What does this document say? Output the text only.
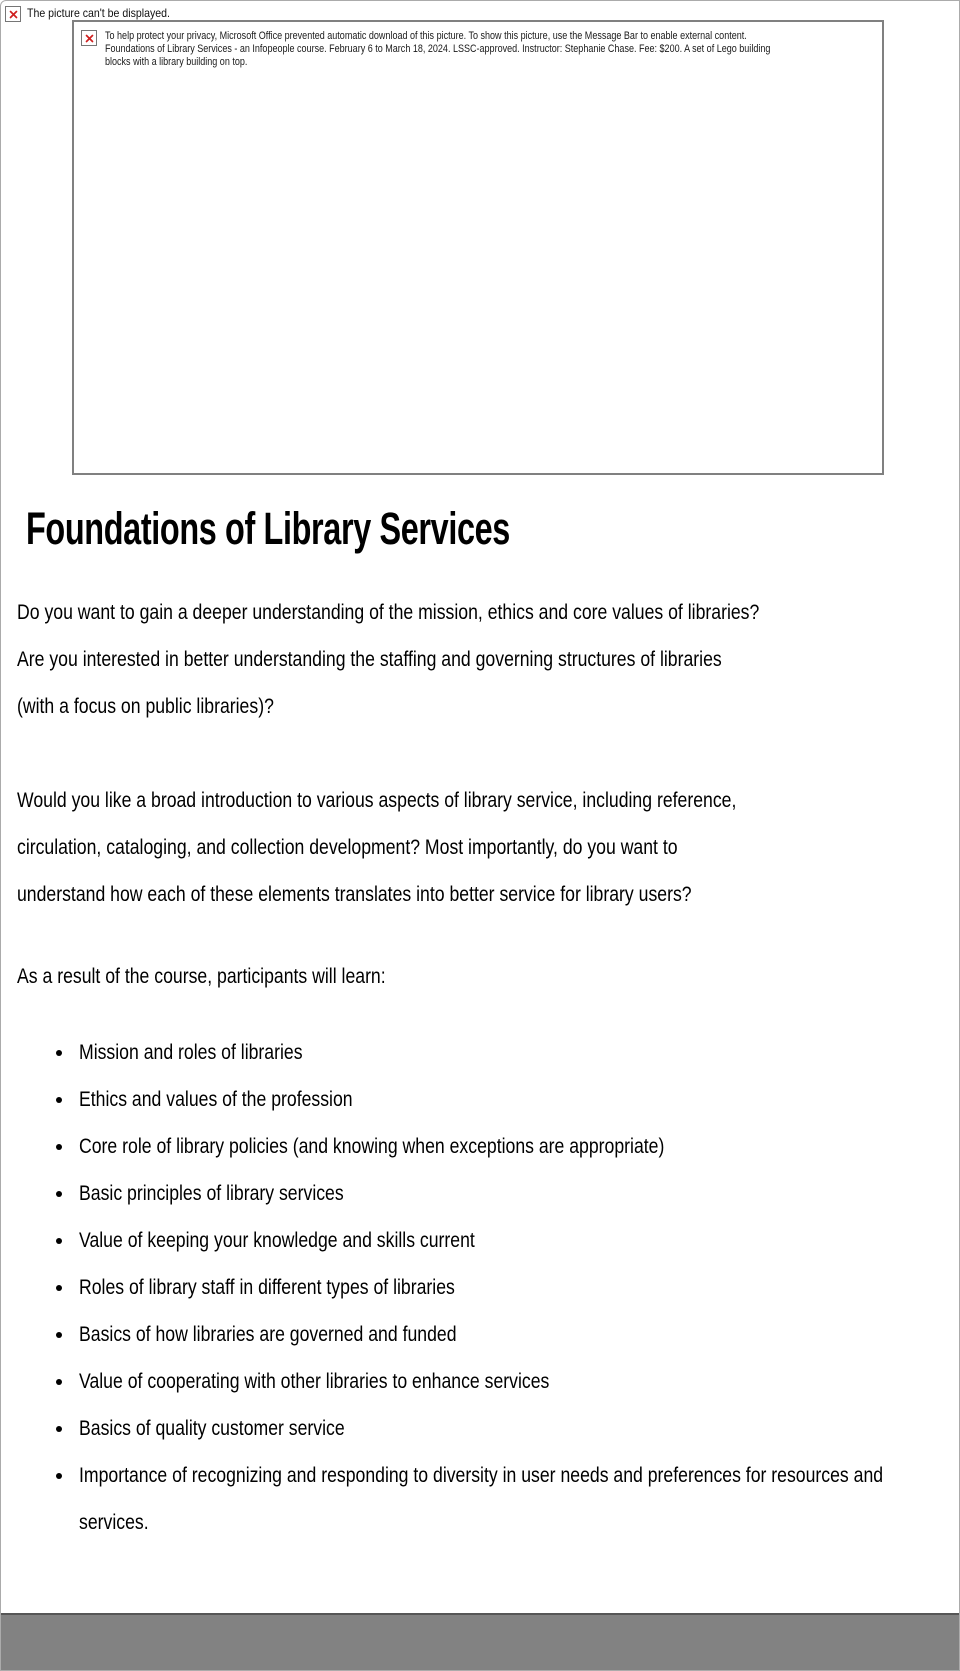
The picture can't be displayed.
To help protect your privacy, Microsoft Office prevented automatic download of this picture. To show this picture, use the Message Bar to enable external content.
Foundations of Library Services - an Infopeople course. February 6 to March 18, 2024. LSSC-approved. Instructor: Stephanie Chase. Fee: $200. A set of Lego building
blocks with a library building on top.
Foundations of Library Services
Do you want to gain a deeper understanding of the mission, ethics and core values of libraries?
Are you interested in better understanding the staffing and governing structures of libraries
(with a focus on public libraries)?
Would you like a broad introduction to various aspects of library service, including reference,
circulation, cataloging, and collection development? Most importantly, do you want to
understand how each of these elements translates into better service for library users?
As a result of the course, participants will learn:
Mission and roles of libraries
Ethics and values of the profession
Core role of library policies (and knowing when exceptions are appropriate)
Basic principles of library services
Value of keeping your knowledge and skills current
Roles of library staff in different types of libraries
Basics of how libraries are governed and funded
Value of cooperating with other libraries to enhance services
Basics of quality customer service
Importance of recognizing and responding to diversity in user needs and preferences for resources and services.
